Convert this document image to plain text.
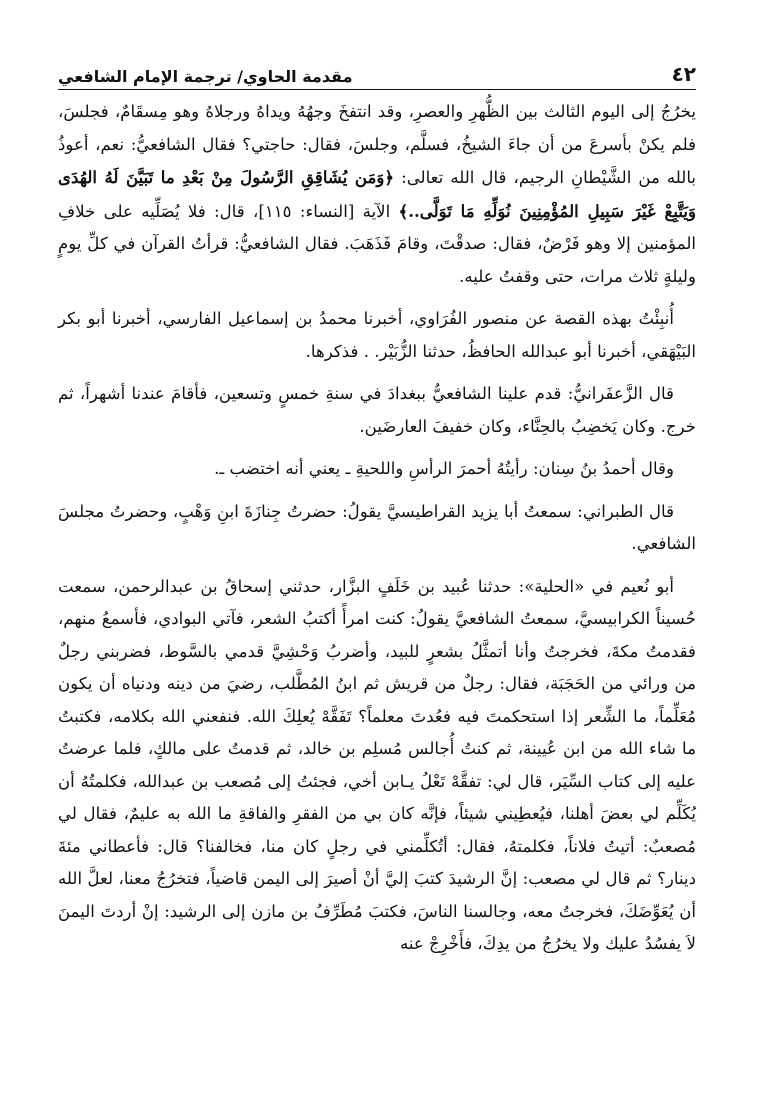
٤٢
مقدمة الحاوي/ ترجمة الإمام الشافعي

يخرُجُ إلى اليوم الثالث بين الظُّهرِ والعصرِ، وقد انتفخَ وجهُهُ ويداهُ ورجلاهُ وهو مِسقَامٌ، فجلسَ، فلم يكنْ بأسرعَ من أن جاءَ الشيخُ، فسلَّم، وجلسَ، فقال: حاجتي؟ فقال الشافعيُّ: نعم، أعوذُ بالله من الشَّيْطانِ الرجيم، قال الله تعالى: ﴿وَمَن يُشَاقِقِ الرَّسُولَ مِنْ بَعْدِ ما تَبَيَّنَ لَهُ الهُدَى وَيَتَّبِعْ غَيْرَ سَبِيلِ المُؤْمِنِينَ نُوَلِّهِ مَا تَوَلَّى..﴾ الآية [النساء: ١١٥]، قال: فلا يُصَلِّيه على خلافِ المؤمنين إلا وهو فَرْضٌ، فقال: صدقْتَ، وقامَ فَذَهَبَ. فقال الشافعيُّ: قرأتُ القرآن في كلِّ يومٍ وليلةٍ ثلاث مرات، حتى وقفتُ عليه.

أُنبِئْتُ بهذه القصة عن منصور الفُرَاوي، أخبرنا محمدُ بن إسماعيل الفارسي، أخبرنا أبو بكر البَيْهَقي، أخبرنا أبو عبدالله الحافظُ، حدثنا الزُّبَيْر. . فذكرها.

قال الزَّعفَرانيُّ: قدم علينا الشافعيُّ ببغدادَ في سنةِ خمسٍ وتسعين، فأقامَ عندنا أشهراً، ثم خرج. وكان يَخضِبُ بالحِنَّاء، وكان خفيفَ العارضَين.

وقال أحمدُ بنُ سِنان: رأيتُهُ أحمرَ الرأسِ واللحيةِ ـ يعني أنه اختضب ـ.

قال الطبراني: سمعتُ أبا يزيد القراطيسيَّ يقولُ: حضرتُ جِنازَةَ ابنِ وَهْبٍ، وحضرتُ مجلسَ الشافعي.

أبو نُعيم في «الحلية»: حدثنا عُبيد بن خَلَفٍ البزَّار، حدثني إسحاقُ بن عبدالرحمن، سمعت حُسيناً الكرابيسيَّ، سمعتُ الشافعيَّ يقولُ: كنت امرأً أكتبُ الشعر، فآتي البوادي، فأسمعُ منهم، فقدمتُ مكةَ، فخرجتُ وأنا أتمثَّلُ بشعرٍ للبيد، وأضربُ وَحْشِيَّ قدمي بالسَّوط، فضربني رجلٌ من ورائي من الحَجَبَة، فقال: رجلٌ من قريش ثم ابنُ المُطَّلب، رضيَ من دينه ودنياه أن يكون مُعَلِّماً، ما الشِّعر إذا استحكمتَ فيه فعُدتَ معلماً؟ تَفَقَّهْ يُعلِكَ الله. فنفعني الله بكلامه، فكتبتُ ما شاء الله من ابن عُيينة، ثم كنتُ أُجالس مُسلِم بن خالد، ثم قدمتُ على مالكٍ، فلما عرضتُ عليه إلى كتاب السِّيَر، قال لي: تفقَّهْ تَعْلُ يـابن أخي، فجئتُ إلى مُصعب بن عبدالله، فكلمتُهُ أن يُكَلِّم لي بعضَ أهلنا، فيُعطِيني شيئاً، فإنَّه كان بي من الفقرِ والفاقةِ ما الله به عليمٌ، فقال لي مُصعبٌ: أتيتُ فلاناً، فكلمتهُ، فقال: أتُكلِّمني في رجلٍ كان منا، فخالفنا؟ قال: فأعطاني مئةَ دينار؟ ثم قال لي مصعب: إنَّ الرشيدَ كتبَ إليَّ أنْ أصيرَ إلى اليمن قاضياً، فتخرُجُ معنا، لعلَّ الله أن يُعَوِّضَكَ، فخرجتُ معه، وجالسنا الناسَ، فكتبَ مُطَرِّفُ بن مازن إلى الرشيد: إنْ أردتَ اليمنَ لاَ يفسُدُ عليك ولا يخرُجُ من يدِكَ، فأَخْرِجْ عنه
